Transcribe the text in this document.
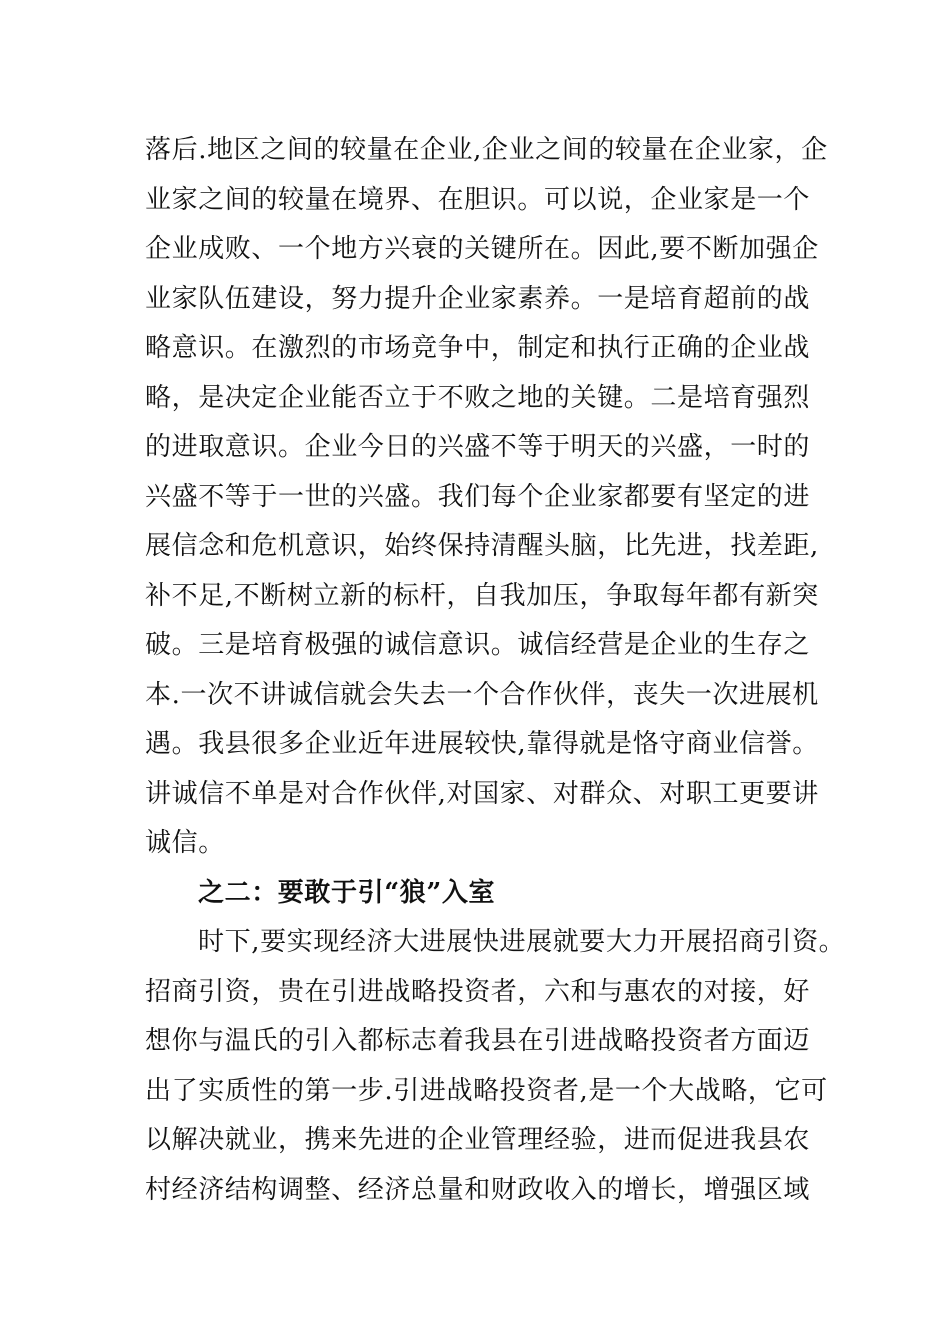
落后.地区之间的较量在企业,企业之间的较量在企业家，企
业家之间的较量在境界、在胆识。可以说，企业家是一个
企业成败、一个地方兴衰的关键所在。因此,要不断加强企
业家队伍建设，努力提升企业家素养。一是培育超前的战
略意识。在激烈的市场竞争中，制定和执行正确的企业战
略，是决定企业能否立于不败之地的关键。二是培育强烈
的进取意识。企业今日的兴盛不等于明天的兴盛，一时的
兴盛不等于一世的兴盛。我们每个企业家都要有坚定的进
展信念和危机意识，始终保持清醒头脑，比先进，找差距,
补不足,不断树立新的标杆，自我加压，争取每年都有新突
破。三是培育极强的诚信意识。诚信经营是企业的生存之
本.一次不讲诚信就会失去一个合作伙伴，丧失一次进展机
遇。我县很多企业近年进展较快,靠得就是恪守商业信誉。
讲诚信不单是对合作伙伴,对国家、对群众、对职工更要讲
诚信。
之二：要敢于引“狼”入室
时下,要实现经济大进展快进展就要大力开展招商引资。
招商引资，贵在引进战略投资者，六和与惠农的对接，好
想你与温氏的引入都标志着我县在引进战略投资者方面迈
出了实质性的第一步.引进战略投资者,是一个大战略，它可
以解决就业，携来先进的企业管理经验，进而促进我县农
村经济结构调整、经济总量和财政收入的增长，增强区域
